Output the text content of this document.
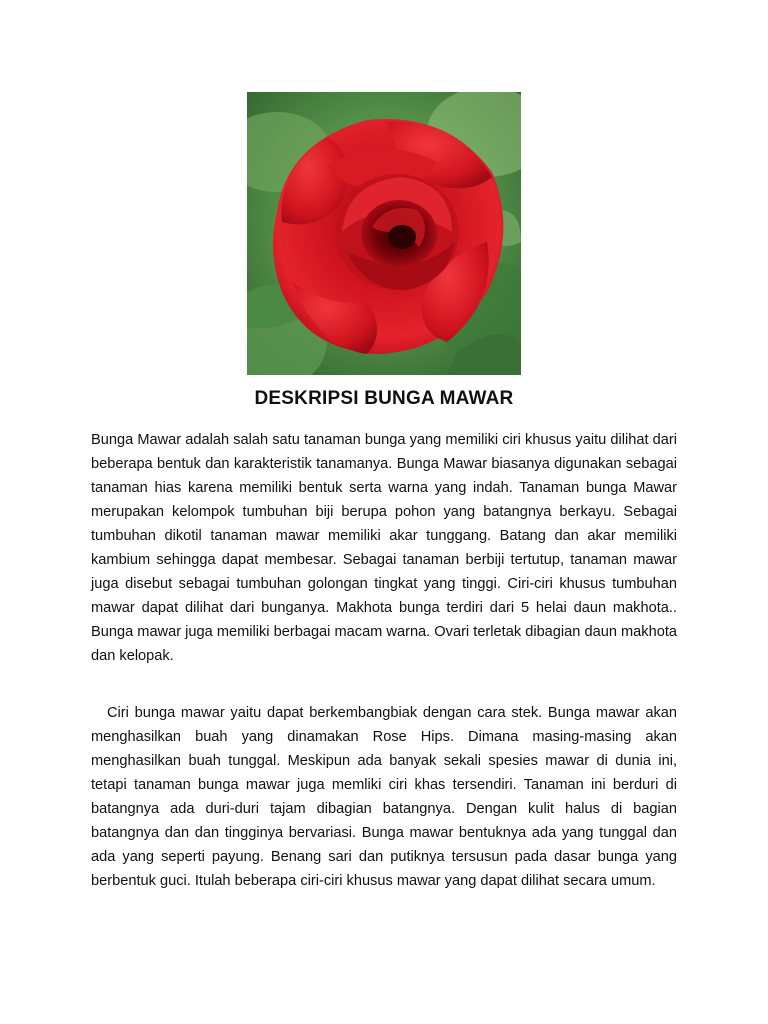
DESKRIPSI BUNGA MAWAR

Bunga Mawar adalah salah satu tanaman bunga yang memiliki ciri khusus yaitu dilihat dari beberapa bentuk dan karakteristik tanamanya. Bunga Mawar biasanya digunakan sebagai tanaman hias karena memiliki bentuk serta warna yang indah. Tanaman bunga Mawar merupakan kelompok tumbuhan biji berupa pohon yang batangnya berkayu. Sebagai tumbuhan dikotil tanaman mawar memiliki akar tunggang. Batang dan akar memiliki kambium sehingga dapat membesar. Sebagai tanaman berbiji tertutup, tanaman mawar juga disebut sebagai tumbuhan golongan tingkat yang tinggi. Ciri-ciri khusus tumbuhan mawar dapat dilihat dari bunganya. Makhota bunga terdiri dari 5 helai daun makhota.. Bunga mawar juga memiliki berbagai macam warna. Ovari terletak dibagian daun makhota dan kelopak.

Ciri bunga mawar yaitu dapat berkembangbiak dengan cara stek. Bunga mawar akan menghasilkan buah yang dinamakan Rose Hips. Dimana masing-masing akan menghasilkan buah tunggal. Meskipun ada banyak sekali spesies mawar di dunia ini, tetapi tanaman bunga mawar juga memliki ciri khas tersendiri. Tanaman ini berduri di batangnya ada duri-duri tajam dibagian batangnya. Dengan kulit halus di bagian batangnya dan dan tingginya bervariasi. Bunga mawar bentuknya ada yang tunggal dan ada yang seperti payung. Benang sari dan putiknya tersusun pada dasar bunga yang berbentuk guci. Itulah beberapa ciri-ciri khusus mawar yang dapat dilihat secara umum.
